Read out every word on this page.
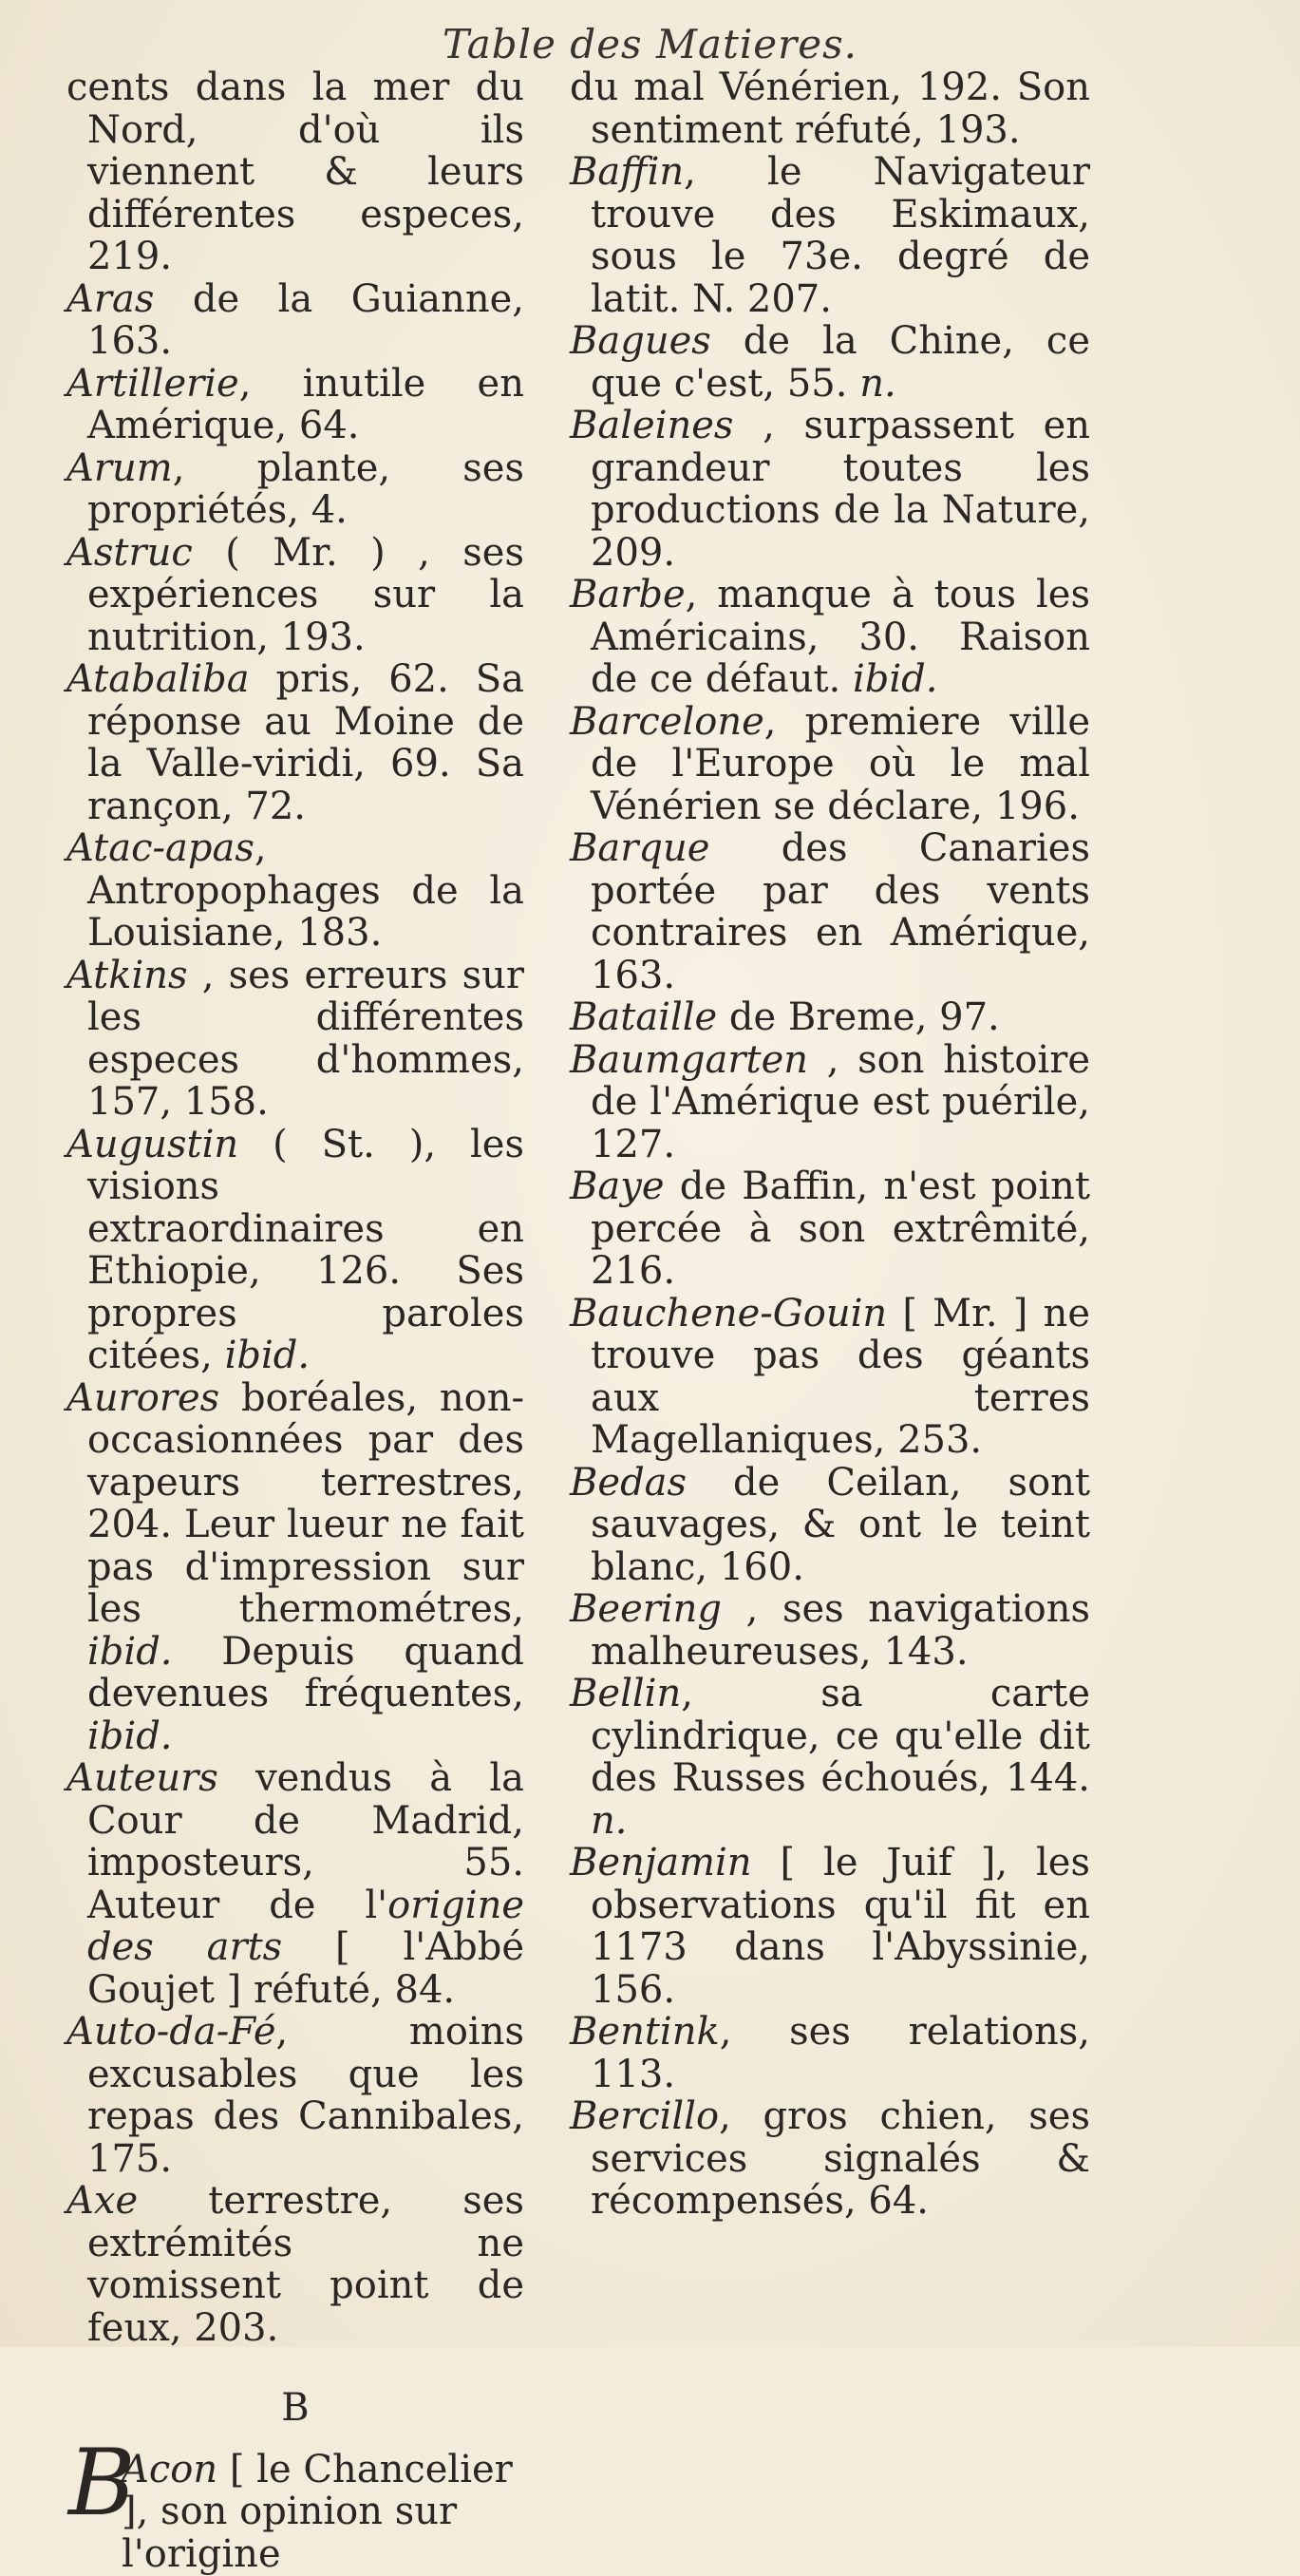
Table des Matieres.

cents dans la mer du Nord, d'où ils viennent & leurs différentes especes, 219.

Aras de la Guianne, 163.

Artillerie, inutile en Amérique, 64.

Arum, plante, ses propriétés, 4.

Astruc ( Mr. ) , ses expériences sur la nutrition, 193.

Atabaliba pris, 62. Sa réponse au Moine de la Valle-viridi, 69. Sa rançon, 72.

Atac-apas, Antropophages de la Louisiane, 183.

Atkins , ses erreurs sur les différentes especes d'hommes, 157, 158.

Augustin ( St. ), les visions extraordinaires en Ethiopie, 126. Ses propres paroles citées, ibid.

Aurores boréales, non-occasionnées par des vapeurs terrestres, 204. Leur lueur ne fait pas d'impression sur les thermométres, ibid. Depuis quand devenues fréquentes, ibid.

Auteurs vendus à la Cour de Madrid, imposteurs, 55. Auteur de l'origine des arts [ l'Abbé Goujet ] réfuté, 84.

Auto-da-Fé, moins excusables que les repas des Cannibales, 175.

Axe terrestre, ses extrémités ne vomissent point de feux, 203.

B

B
Acon [ le Chancelier ], son opinion sur l'origine

du mal Vénérien, 192. Son sentiment réfuté, 193.

Baffin, le Navigateur trouve des Eskimaux, sous le 73e. degré de latit. N. 207.

Bagues de la Chine, ce que c'est, 55. n.

Baleines , surpassent en grandeur toutes les productions de la Nature, 209.

Barbe, manque à tous les Américains, 30. Raison de ce défaut. ibid.

Barcelone, premiere ville de l'Europe où le mal Vénérien se déclare, 196.

Barque des Canaries portée par des vents contraires en Amérique, 163.

Bataille de Breme, 97.

Baumgarten , son histoire de l'Amérique est puérile, 127.

Baye de Baffin, n'est point percée à son extrêmité, 216.

Bauchene-Gouin [ Mr. ] ne trouve pas des géants aux terres Magellaniques, 253.

Bedas de Ceilan, sont sauvages, & ont le teint blanc, 160.

Beering , ses navigations malheureuses, 143.

Bellin, sa carte cylindrique, ce qu'elle dit des Russes échoués, 144. n.

Benjamin [ le Juif ], les observations qu'il fit en 1173 dans l'Abyssinie, 156.

Bentink, ses relations, 113.

Bercillo, gros chien, ses services signalés & récompensés, 64.
